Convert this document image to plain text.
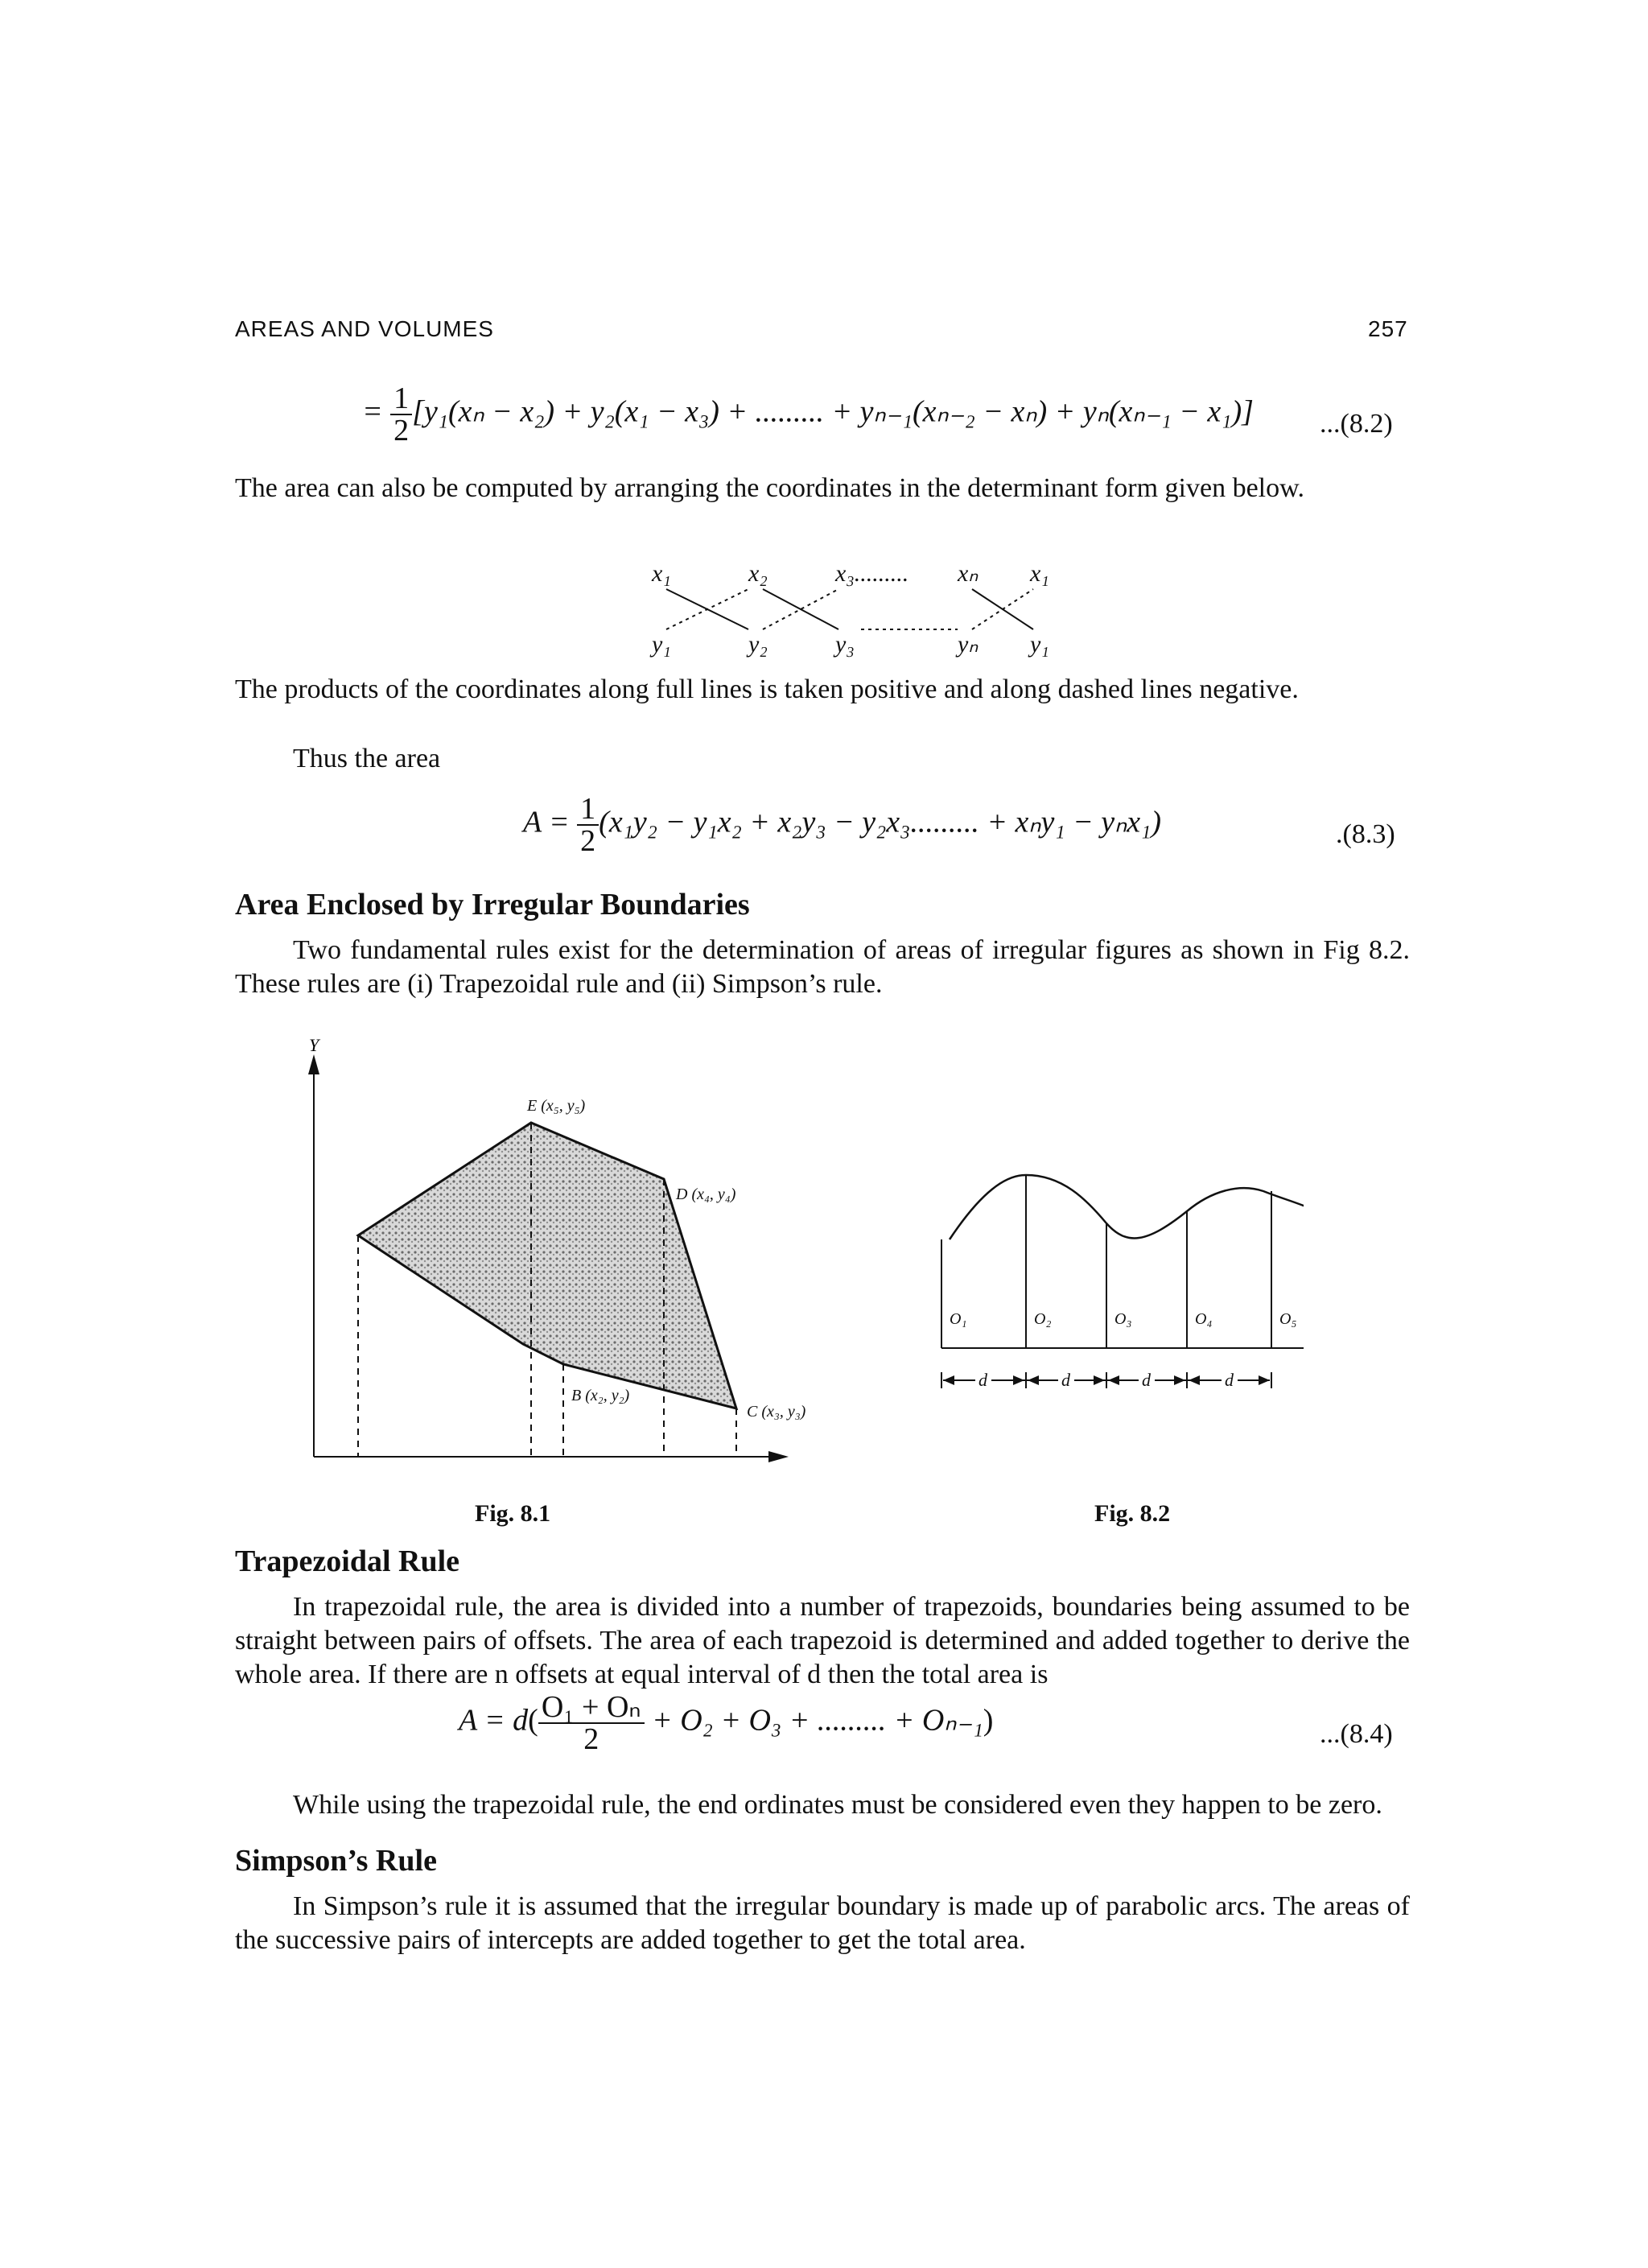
AREAS AND VOLUMES	257
= $\frac{1}{2} [y_1(x_n - x_2) + y_2(x_1 - x_3)$ + ......... + yₙ₋₁(xₙ₋₂ − xₙ) + yₙ(xₙ₋₁ − x₁)] ...(8.2)
The area can also be computed by arranging the coordinates in the determinant form given below.
x₁	x₂	x₃......... xₙ x₁
y₁	y₂	y₃	yₙ y₁
The products of the coordinates along full lines is taken positive and along dashed lines negative.
Thus the area
$A = \frac{1}{2} (x_1y_2 - y_1x_2 + x_2y_3 - y_2x_3$......... + xₙy₁ − yₙx₁)	.(8.3)
Area Enclosed by Irregular Boundaries
Two fundamental rules exist for the determination of areas of irregular figures as shown in Fig 8.2. These rules are (i) Trapezoidal rule and (ii) Simpson’s rule.
Y
E (x₅, y₅)
D (x₄, y₄)
B (x₂, y₂)
C (x₃, y₃)
Fig. 8.1
O₁	O₂	O₃	O₄	O₅
d	d	d	d
Fig. 8.2
Trapezoidal Rule
In trapezoidal rule, the area is divided into a number of trapezoids, boundaries being assumed to be straight between pairs of offsets. The area of each trapezoid is determined and added together to derive the whole area. If there are n offsets at equal interval of d then the total area is
$A = d( \frac{\text{O₁ + Oₙ}}{2} + O_2 + O_3$ + ......... + Oₙ₋₁)	...(8.4)
While using the trapezoidal rule, the end ordinates must be considered even they happen to be zero.
Simpson’s Rule
In Simpson’s rule it is assumed that the irregular boundary is made up of parabolic arcs. The areas of the successive pairs of intercepts are added together to get the total area.
